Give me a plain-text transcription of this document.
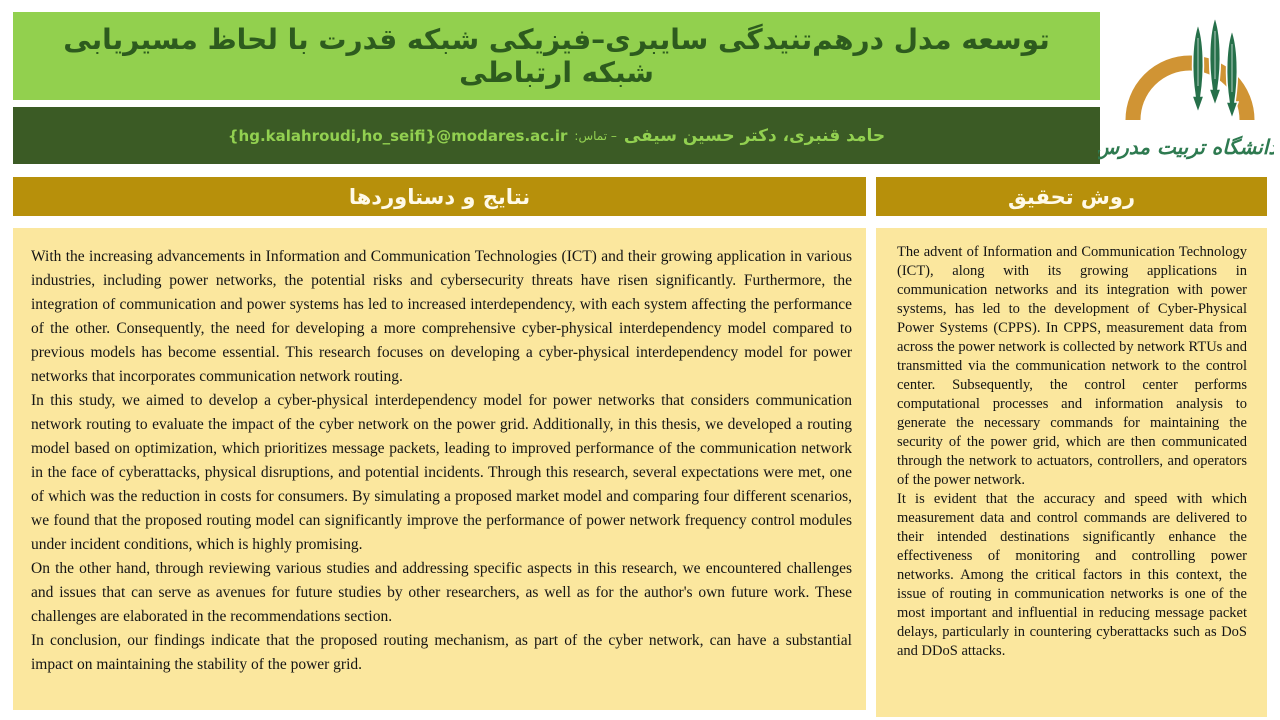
توسعه مدل درهم‌تنیدگی سایبری–فیزیکی شبکه قدرت با لحاظ مسیریابی شبکه ارتباطی
حامد قنبری، دکتر حسین سیفی
– تماس:
{hg.kalahroudi,ho_seifi}@modares.ac.ir	دانشگاه تربیت مدرس
نتایج و دستاوردها

With the increasing advancements in Information and Communication Technologies (ICT) and their growing application in various industries, including power networks, the potential risks and cybersecurity threats have risen significantly. Furthermore, the integration of communication and power systems has led to increased interdependency, with each system affecting the performance of the other. Consequently, the need for developing a more comprehensive cyber-physical interdependency model compared to previous models has become essential. This research focuses on developing a cyber-physical interdependency model for power networks that incorporates communication network routing.

In this study, we aimed to develop a cyber-physical interdependency model for power networks that considers communication network routing to evaluate the impact of the cyber network on the power grid. Additionally, in this thesis, we developed a routing model based on optimization, which prioritizes message packets, leading to improved performance of the communication network in the face of cyberattacks, physical disruptions, and potential incidents. Through this research, several expectations were met, one of which was the reduction in costs for consumers. By simulating a proposed market model and comparing four different scenarios, we found that the proposed routing model can significantly improve the performance of power network frequency control modules under incident conditions, which is highly promising.

On the other hand, through reviewing various studies and addressing specific aspects in this research, we encountered challenges and issues that can serve as avenues for future studies by other researchers, as well as for the author's own future work. These challenges are elaborated in the recommendations section.

In conclusion, our findings indicate that the proposed routing mechanism, as part of the cyber network, can have a substantial impact on maintaining the stability of the power grid.

روش تحقیق

The advent of Information and Communication Technology (ICT), along with its growing applications in communication networks and its integration with power systems, has led to the development of Cyber-Physical Power Systems (CPPS). In CPPS, measurement data from across the power network is collected by network RTUs and transmitted via the communication network to the control center. Subsequently, the control center performs computational processes and information analysis to generate the necessary commands for maintaining the security of the power grid, which are then communicated through the network to actuators, controllers, and operators of the power network.

It is evident that the accuracy and speed with which measurement data and control commands are delivered to their intended destinations significantly enhance the effectiveness of monitoring and controlling power networks. Among the critical factors in this context, the issue of routing in communication networks is one of the most important and influential in reducing message packet delays, particularly in countering cyberattacks such as DoS and DDoS attacks.
